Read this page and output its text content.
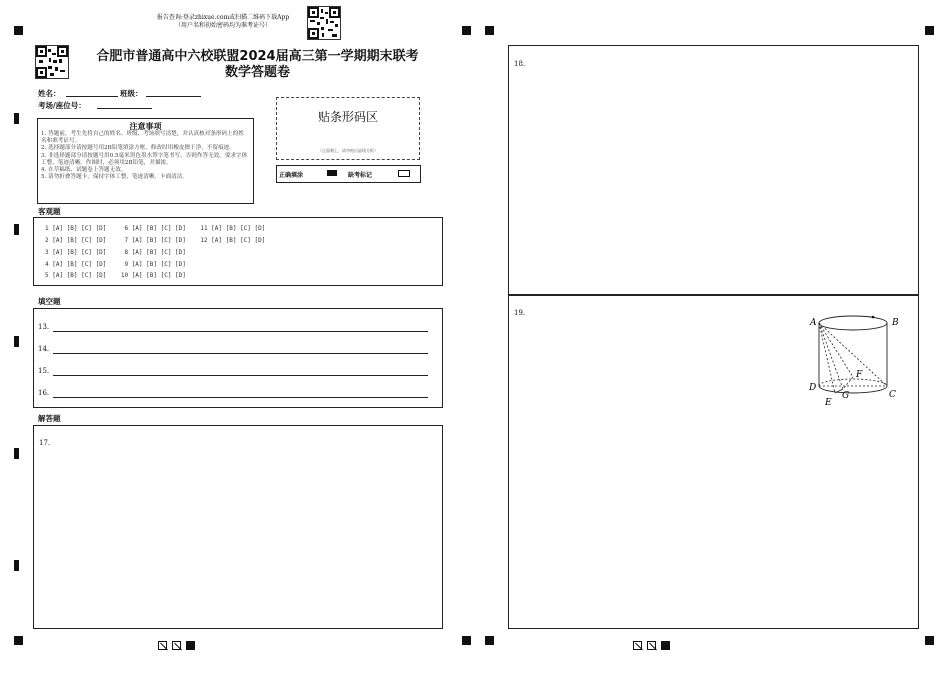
报告查询:登录zhixue.com或扫描二维码下载App
（用户名和初始密码均为准考证号）
合肥市普通高中六校联盟2024届高三第一学期期末联考
数学答题卷
姓名：	班级：
考场/座位号：
注意事项
1. 答题前，考生先将自己的姓名、班级、考场填写清楚，并认真核对条形码上的姓名和准考证号。
2. 选择题部分请按题号用2B铅笔填涂方框，修改时用橡皮擦干净，不留痕迹。
3. 非选择题部分请按题号用0.5毫米黑色墨水签字笔书写，否则作答无效。要求字体工整、笔迹清晰。作图时，必须用2B铅笔，并描浓。
4. 在草稿纸、试题卷上答题无效。
5. 请勿折叠答题卡，保持字体工整、笔迹清晰、卡面清洁。
贴条形码区
（正面朝上，请勿贴出虚线方框）
正确填涂	缺考标记
客观题
1 [A] [B] [C] [D]     6 [A] [B] [C] [D]    11 [A] [B] [C] [D]
2 [A] [B] [C] [D]     7 [A] [B] [C] [D]    12 [A] [B] [C] [D]
3 [A] [B] [C] [D]     8 [A] [B] [C] [D]
4 [A] [B] [C] [D]     9 [A] [B] [C] [D]
5 [A] [B] [C] [D]    10 [A] [B] [C] [D]
填空题
13.
14.
15.
16.
解答题
17.
18.
19.
A	B
C
D
E
F
G
